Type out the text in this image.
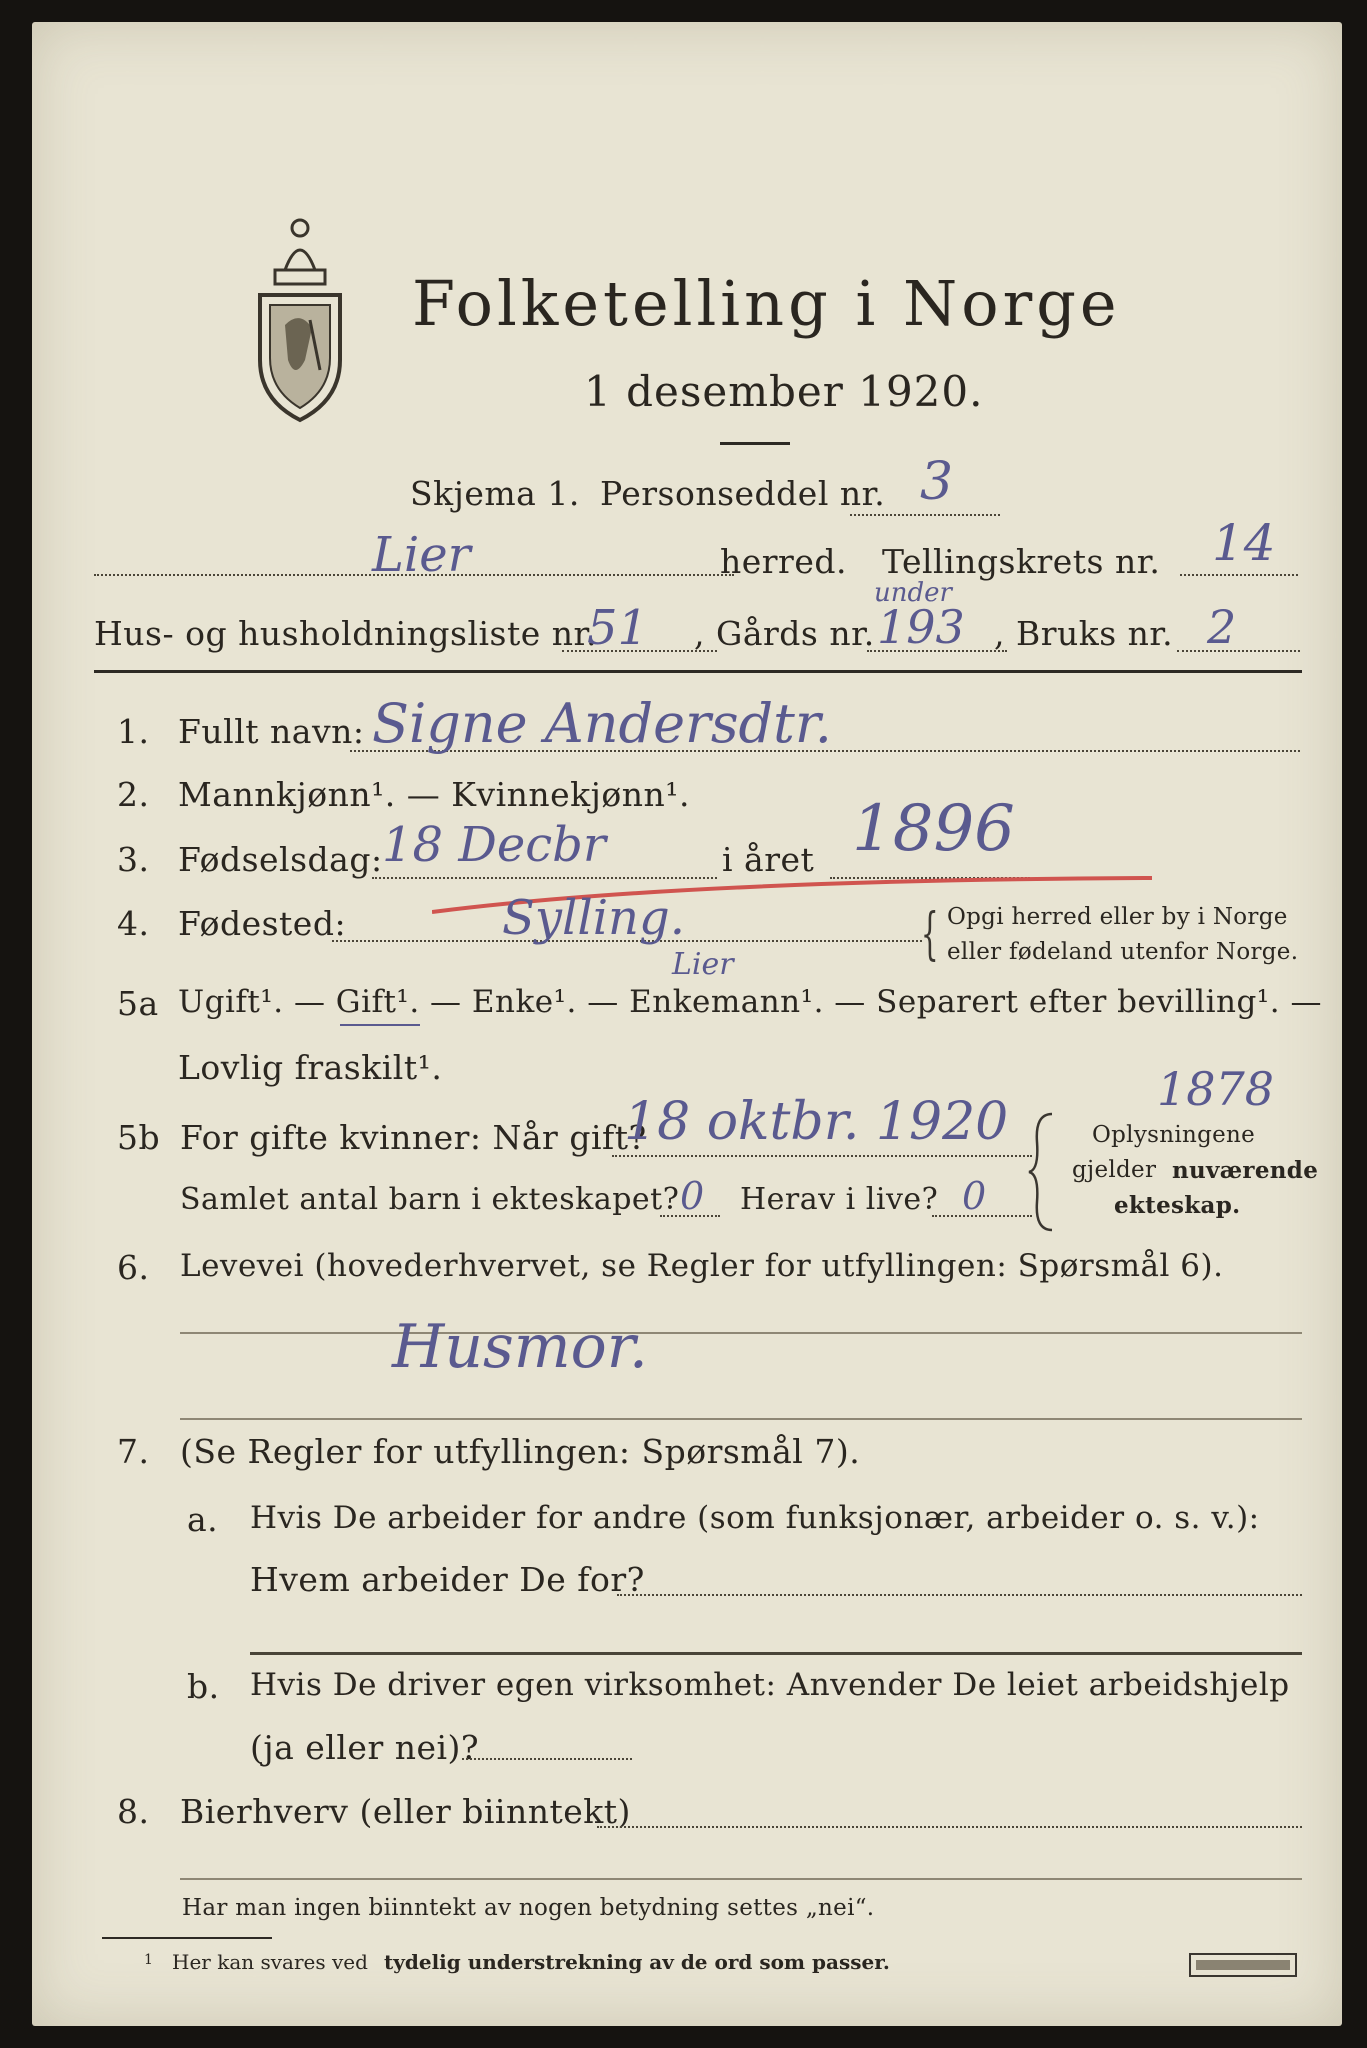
Folketelling i Norge
1 desember 1920.
Skjema 1. Personseddel nr. 3
Lier	herred. Tellingskrets nr. 14
Hus- og husholdningsliste nr.
51 , Gårds nr.
under
193 , Bruks nr. 2
1. Fullt navn: Signe Andersdtr.
2. Mannkjønn¹. — Kvinnekjønn¹.
3. Fødselsdag: 18 Decbr	i året 1896
4. Fødested:	Sylling.
Lier	{ Opgi herred eller by i Norge
eller fødeland utenfor Norge.
5a Ugift¹. — Gift¹. — Enke¹. — Enkemann¹. — Separert efter bevilling¹. —
Lovlig fraskilt¹.
5b For gifte kvinner: Når gift?
18 oktbr. 1920
1878
Samlet antal barn i ekteskapet? 0 Herav i live? 0
Oplysningene
gjelder nuværende
ekteskap.
6. Levevei (hovederhvervet, se Regler for utfyllingen: Spørsmål 6).
Husmor.
7. (Se Regler for utfyllingen: Spørsmål 7).
a. Hvis De arbeider for andre (som funksjonær, arbeider o. s. v.):
Hvem arbeider De for?
b. Hvis De driver egen virksomhet: Anvender De leiet arbeidshjelp
(ja eller nei)?
8. Bierhverv (eller biinntekt)
Har man ingen biinntekt av nogen betydning settes „nei“.
1 Her kan svares ved tydelig understrekning av de ord som passer.
